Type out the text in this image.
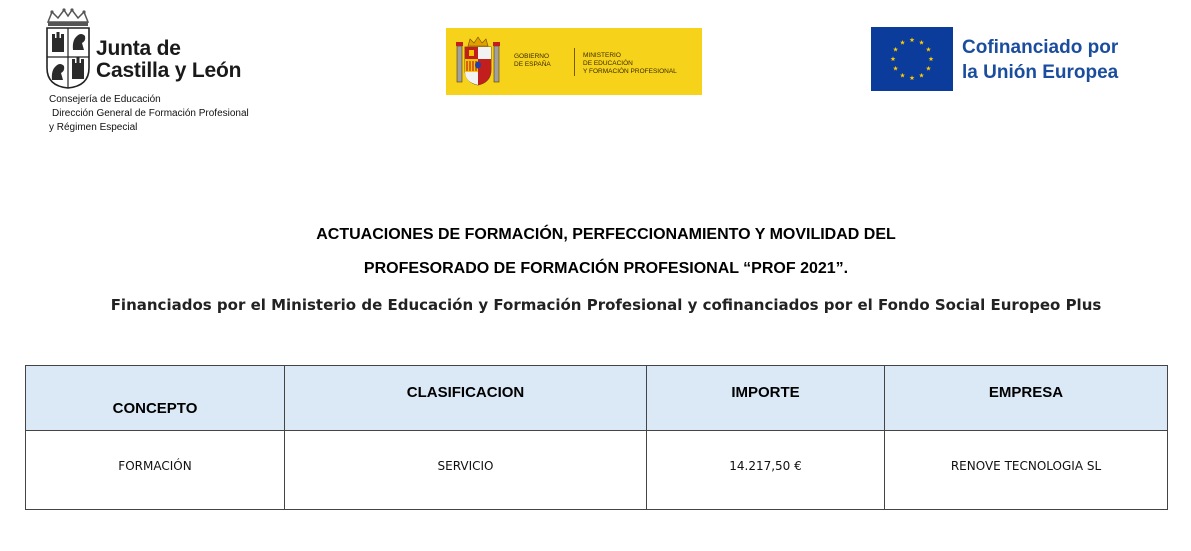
Junta de
Castilla y León
Consejería de Educación
Dirección General de Formación Profesional
y Régimen Especial
GOBIERNO
DE ESPAÑA
MINISTERIO
DE EDUCACIÓN
Y FORMACIÓN PROFESIONAL
Cofinanciado por
la Unión Europea
ACTUACIONES DE FORMACIÓN, PERFECCIONAMIENTO Y MOVILIDAD DEL
PROFESORADO DE FORMACIÓN PROFESIONAL “PROF 2021”.
Financiados por el Ministerio de Educación y Formación Profesional y cofinanciados por el Fondo Social Europeo Plus
CONCEPTO	CLASIFICACION	IMPORTE	EMPRESA
FORMACIÓN	SERVICIO	14.217,50 €	RENOVE TECNOLOGIA SL
